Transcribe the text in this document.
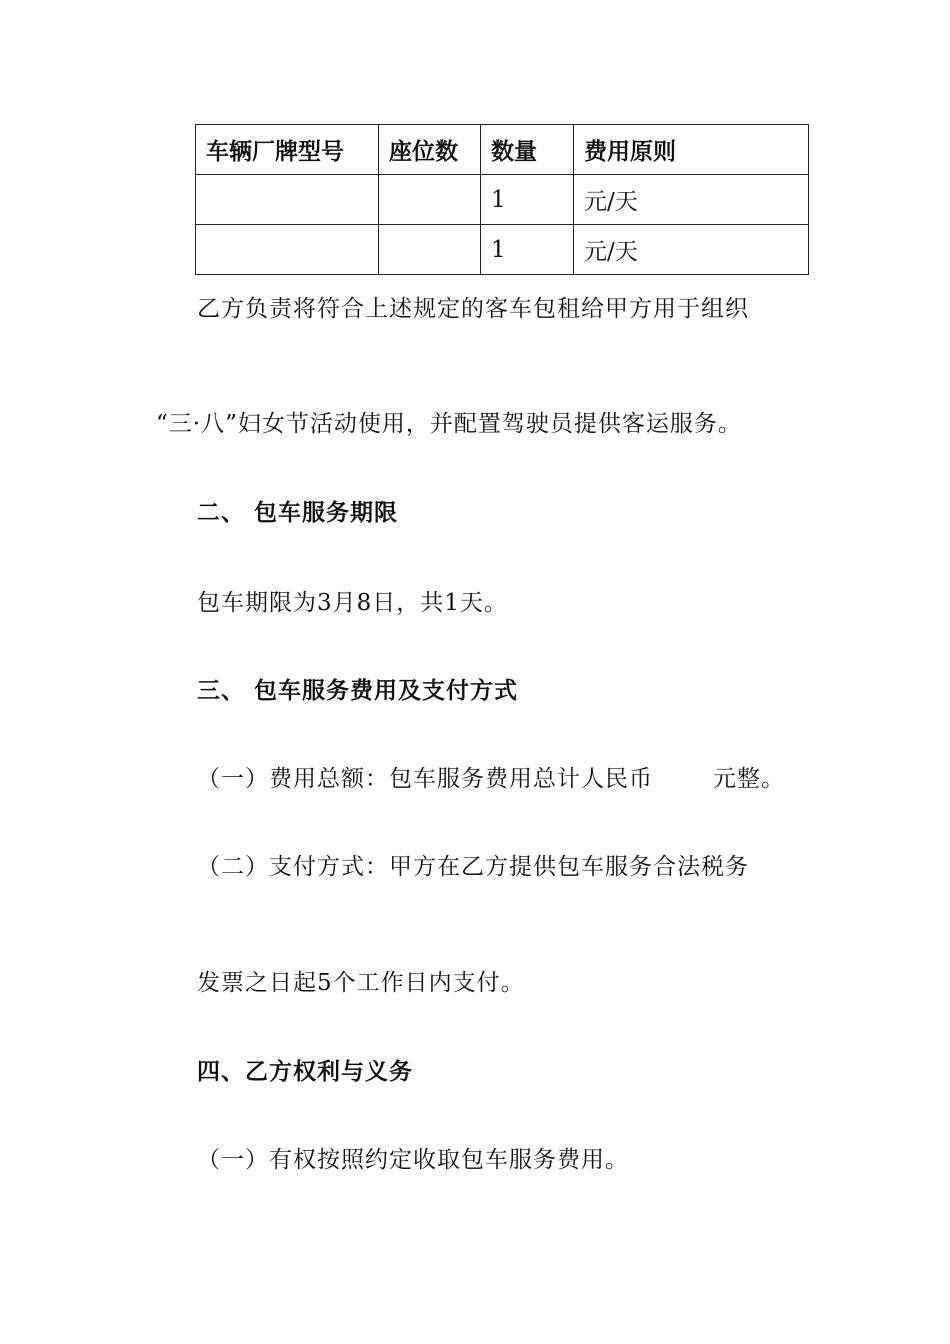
车辆厂牌型号	座位数	数量	费用原则
		1	元/天
		1	元/天
乙方负责将符合上述规定的客车包租给甲方用于组织
“三·八”妇女节活动使用，并配置驾驶员提供客运服务。
二、 包车服务期限
包车期限为3月8日，共1天。
三、 包车服务费用及支付方式
（一）费用总额：包车服务费用总计人民币	元整。
（二）支付方式：甲方在乙方提供包车服务合法税务
发票之日起5个工作日内支付。
四、乙方权利与义务
（一）有权按照约定收取包车服务费用。
